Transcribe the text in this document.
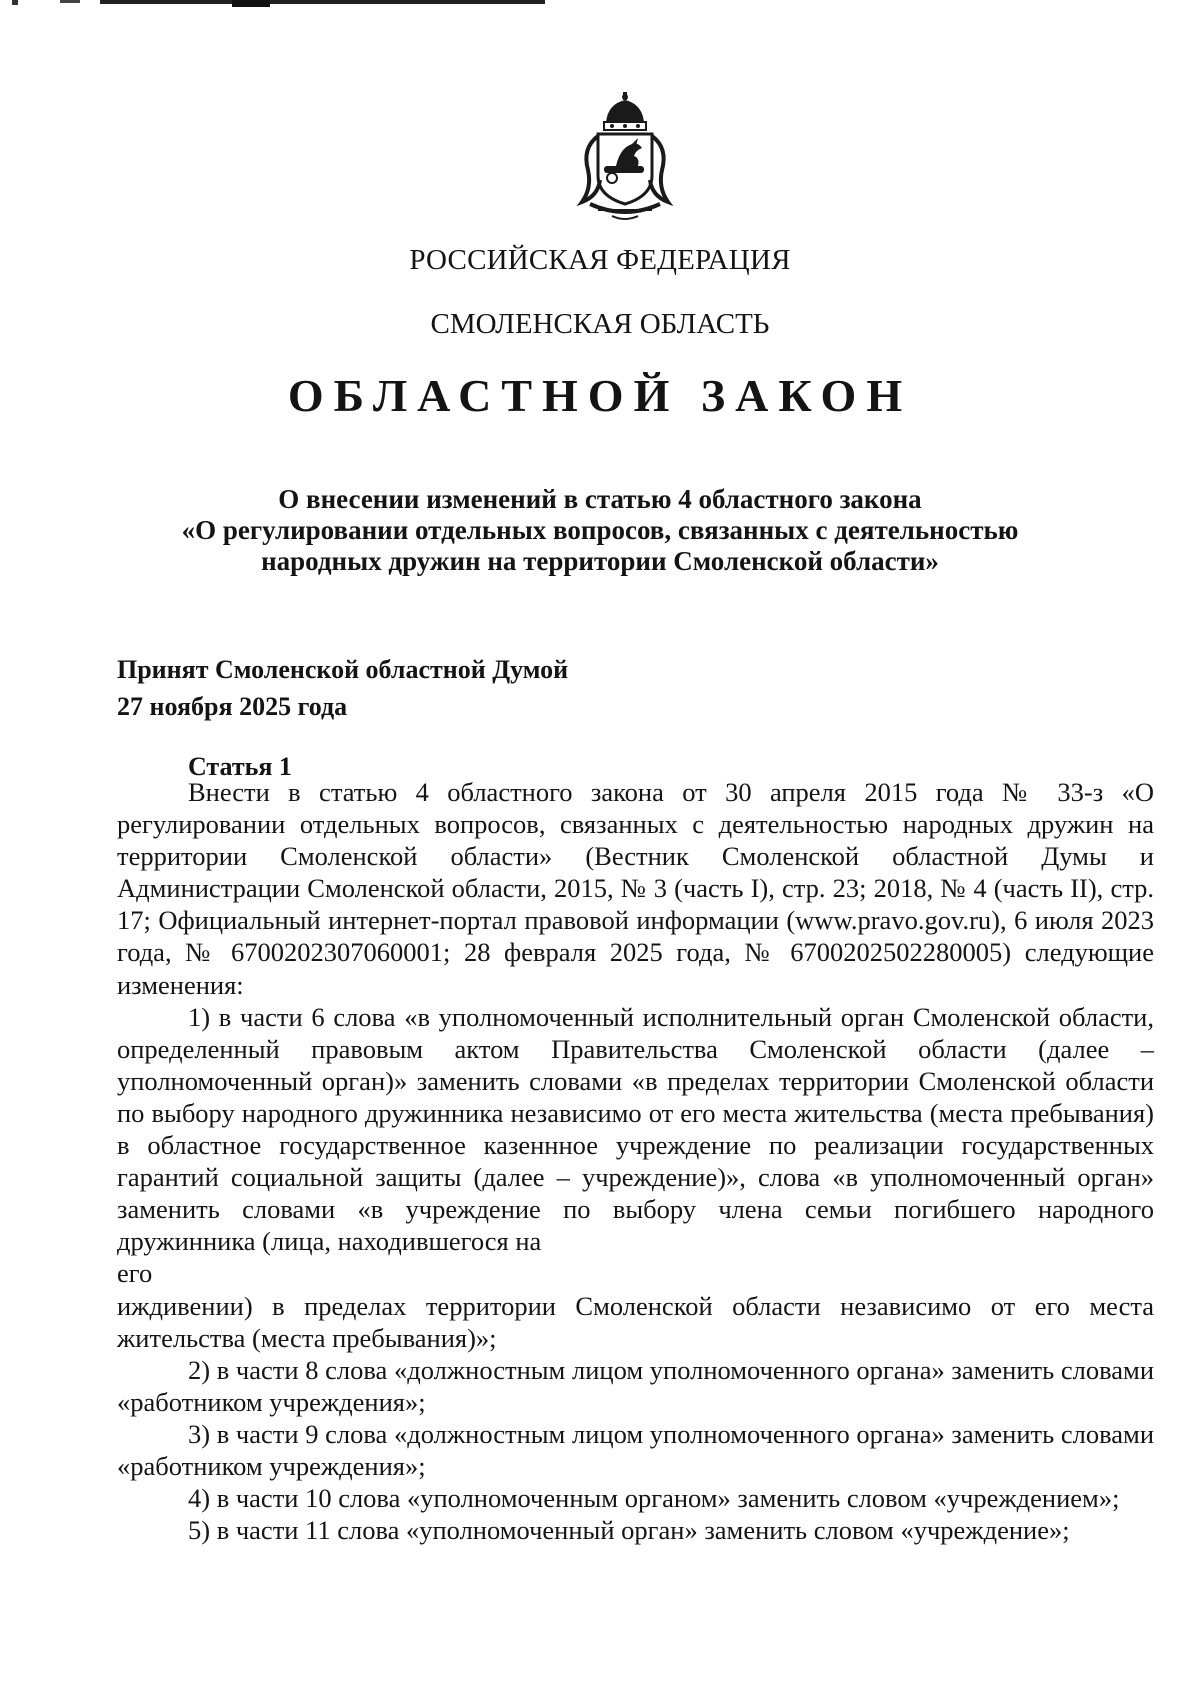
РОССИЙСКАЯ ФЕДЕРАЦИЯ
СМОЛЕНСКАЯ ОБЛАСТЬ
ОБЛАСТНОЙ ЗАКОН
О внесении изменений в статью 4 областного закона
«О регулировании отдельных вопросов, связанных с деятельностью
народных дружин на территории Смоленской области»
Принят Смоленской областной Думой
27 ноября 2025 года
Статья 1

Внести в статью 4 областного закона от 30 апреля 2015 года № 33-з «О регулировании отдельных вопросов, связанных с деятельностью народных дружин на территории Смоленской области» (Вестник Смоленской областной Думы и Администрации Смоленской области, 2015, № 3 (часть I), стр. 23; 2018, № 4 (часть II), стр. 17; Официальный интернет-портал правовой информации (www.pravo.gov.ru), 6 июля 2023 года, № 6700202307060001; 28 февраля 2025 года, № 6700202502280005) следующие изменения:

1) в части 6 слова «в уполномоченный исполнительный орган Смоленской области, определенный правовым актом Правительства Смоленской области (далее – уполномоченный орган)» заменить словами «в пределах территории Смоленской области по выбору народного дружинника независимо от его места жительства (места пребывания) в областное государственное казеннное учреждение по реализации государственных гарантий социальной защиты (далее – учреждение)», слова «в уполномоченный орган» заменить словами «в учреждение по выбору члена семьи погибшего народного дружинника (лица, находившегося на

его

иждивении) в пределах территории Смоленской области независимо от его места жительства (места пребывания)»;

2) в части 8 слова «должностным лицом уполномоченного органа» заменить словами «работником учреждения»;

3) в части 9 слова «должностным лицом уполномоченного органа» заменить словами «работником учреждения»;

4) в части 10 слова «уполномоченным органом» заменить словом «учреждением»;

5) в части 11 слова «уполномоченный орган» заменить словом «учреждение»;
